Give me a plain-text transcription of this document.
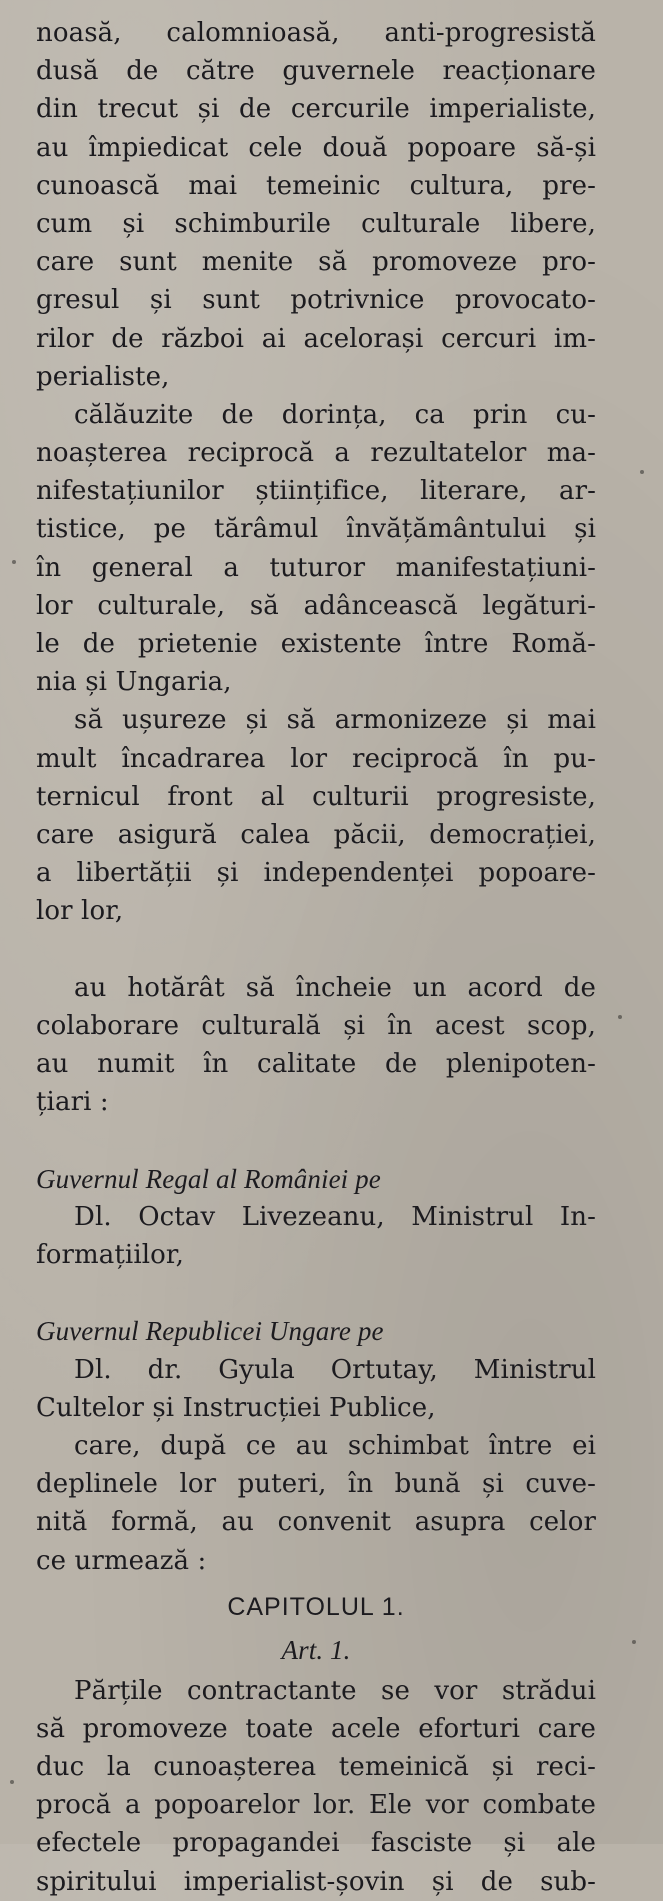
noasă, calomnioasă, anti-progresistă
dusă de către guvernele reacționare
din trecut și de cercurile imperialiste,
au împiedicat cele două popoare să-și
cunoască mai temeinic cultura, pre-
cum și schimburile culturale libere,
care sunt menite să promoveze pro-
gresul și sunt potrivnice provocato-
rilor de război ai acelorași cercuri im-
perialiste,
călăuzite de dorința, ca prin cu-
noașterea reciprocă a rezultatelor ma-
nifestațiunilor științifice, literare, ar-
tistice, pe tărâmul învățământului și
în general a tuturor manifestațiuni-
lor culturale, să adâncească legături-
le de prietenie existente între Romă-
nia și Ungaria,
să ușureze și să armonizeze și mai
mult încadrarea lor reciprocă în pu-
ternicul front al culturii progresiste,
care asigură calea păcii, democrației,
a libertății și independenței popoare-
lor lor,
au hotărât să încheie un acord de
colaborare culturală și în acest scop,
au numit în calitate de plenipoten-
țiari :
Guvernul Regal al României pe
Dl. Octav Livezeanu, Ministrul In-
formațiilor,
Guvernul Republicei Ungare pe
Dl. dr. Gyula Ortutay, Ministrul
Cultelor și Instrucției Publice,
care, după ce au schimbat între ei
deplinele lor puteri, în bună și cuve-
nită formă, au convenit asupra celor
ce urmează :
CAPITOLUL 1.
Art. 1.
Părțile contractante se vor strădui
să promoveze toate acele eforturi care
duc la cunoașterea temeinică și reci-
procă a popoarelor lor. Ele vor combate
efectele propagandei fasciste și ale
spiritului imperialist-șovin și de sub-
